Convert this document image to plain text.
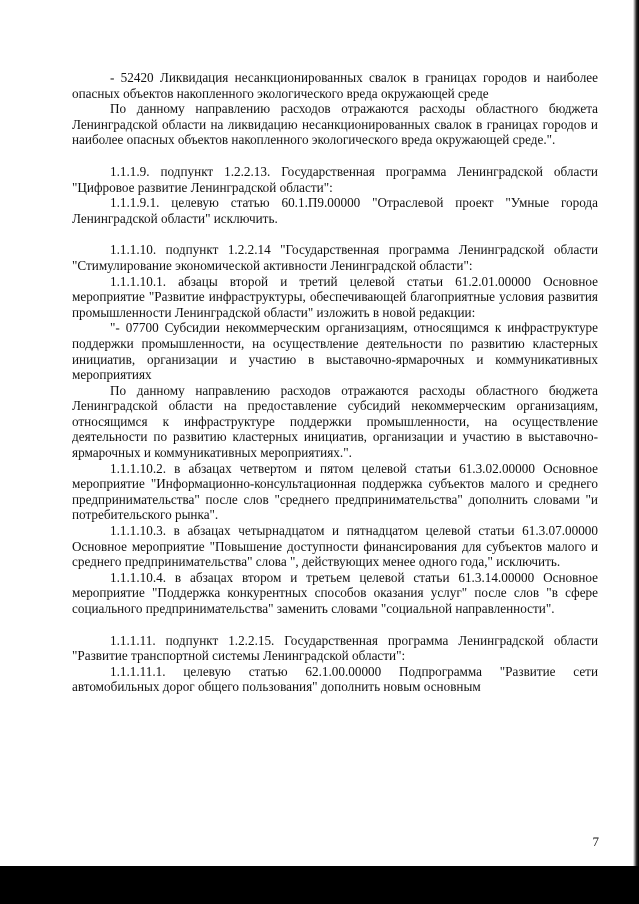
- 52420 Ликвидация несанкционированных свалок в границах городов и наиболее опасных объектов накопленного экологического вреда окружающей среде

По данному направлению расходов отражаются расходы областного бюджета Ленинградской области на ликвидацию несанкционированных свалок в границах городов и наиболее опасных объектов накопленного экологического вреда окружающей среде.".

1.1.1.9. подпункт 1.2.2.13. Государственная программа Ленинградской области "Цифровое развитие Ленинградской области":

1.1.1.9.1. целевую статью 60.1.П9.00000 "Отраслевой проект "Умные города Ленинградской области" исключить.

1.1.1.10. подпункт 1.2.2.14 "Государственная программа Ленинградской области "Стимулирование экономической активности Ленинградской области":

1.1.1.10.1. абзацы второй и третий целевой статьи 61.2.01.00000 Основное мероприятие "Развитие инфраструктуры, обеспечивающей благоприятные условия развития промышленности Ленинградской области" изложить в новой редакции:

"- 07700 Субсидии некоммерческим организациям, относящимся к инфраструктуре поддержки промышленности, на осуществление деятельности по развитию кластерных инициатив, организации и участию в выставочно-ярмарочных и коммуникативных мероприятиях

По данному направлению расходов отражаются расходы областного бюджета Ленинградской области на предоставление субсидий некоммерческим организациям, относящимся к инфраструктуре поддержки промышленности, на осуществление деятельности по развитию кластерных инициатив, организации и участию в выставочно-ярмарочных и коммуникативных мероприятиях.".

1.1.1.10.2. в абзацах четвертом и пятом целевой статьи 61.3.02.00000 Основное мероприятие "Информационно-консультационная поддержка субъектов малого и среднего предпринимательства" после слов "среднего предпринимательства" дополнить словами "и потребительского рынка".

1.1.1.10.3. в абзацах четырнадцатом и пятнадцатом целевой статьи 61.3.07.00000 Основное мероприятие "Повышение доступности финансирования для субъектов малого и среднего предпринимательства" слова ", действующих менее одного года," исключить.

1.1.1.10.4. в абзацах втором и третьем целевой статьи 61.3.14.00000 Основное мероприятие "Поддержка конкурентных способов оказания услуг" после слов "в сфере социального предпринимательства" заменить словами "социальной направленности".

1.1.1.11. подпункт 1.2.2.15. Государственная программа Ленинградской области "Развитие транспортной системы Ленинградской области":

1.1.1.11.1. целевую статью 62.1.00.00000 Подпрограмма "Развитие сети автомобильных дорог общего пользования" дополнить новым основным

7
